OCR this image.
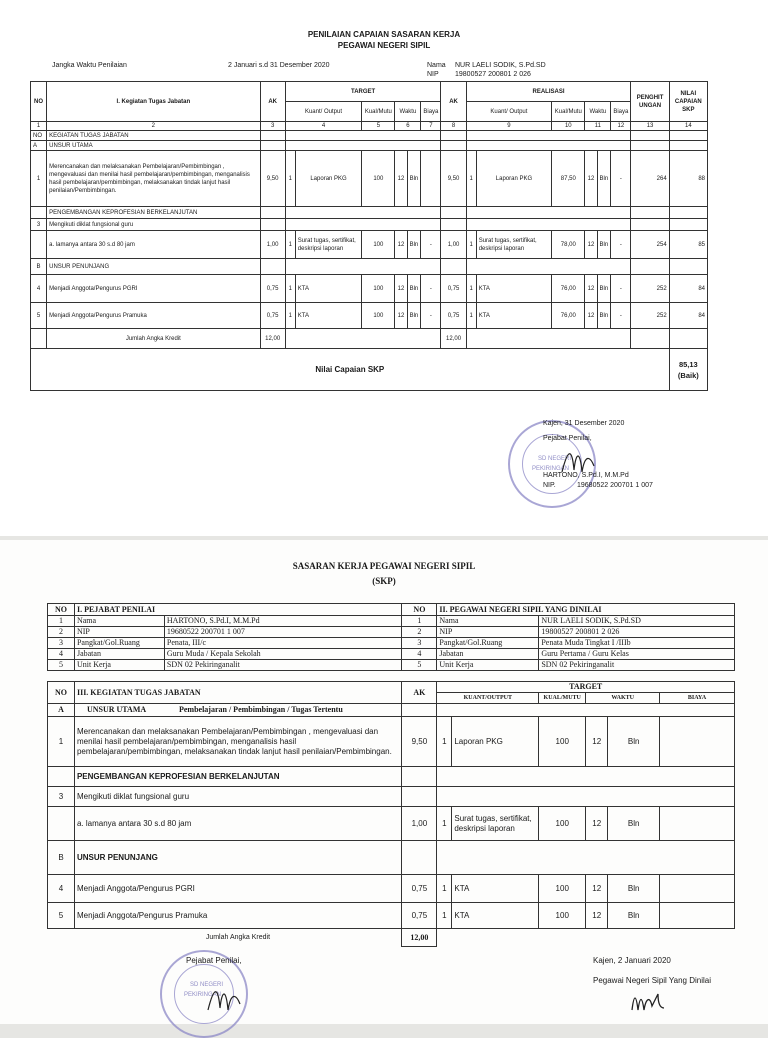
PENILAIAN CAPAIAN SASARAN KERJA
PEGAWAI NEGERI SIPIL
Jangka Waktu Penilaian	2 Januari s.d 31 Desember 2020	Nama NUR LAELI SODIK, S.Pd.SD
NIP 19800527 200801 2 026
NO	I. Kegiatan Tugas Jabatan	AK	TARGET						AK	REALISASI						PENGHIT UNGAN	NILAI CAPAIAN SKP
			Kuant/ Output		Kual/Mutu	Waktu		Biaya		Kuant/ Output		Kual/Mutu	Waktu		Biaya		
1	2	3	4		5	6		7	8	9		10	11		12	13	14
NO	KEGIATAN TUGAS JABATAN																
A	UNSUR UTAMA																
1	Merencanakan dan melaksanakan Pembelajaran/Pembimbingan , mengevaluasi dan menilai hasil pembelajaran/pembimbingan, menganalisis hasil pembelajaran/pembimbingan, melaksanakan tindak lanjut hasil penilaian/Pembimbingan.	9,50	1	Laporan PKG	100	12	Bln		9,50	1	Laporan PKG	87,50	12	Bln	-	264	88
	PENGEMBANGAN KEPROFESIAN BERKELANJUTAN																
3	Mengikuti diklat fungsional guru																
	a. lamanya antara 30 s.d 80 jam	1,00	1	Surat tugas, sertifikat, deskripsi laporan	100	12	Bln	-	1,00	1	Surat tugas, sertifikat, deskripsi laporan	78,00	12	Bln	-	254	85
B	UNSUR PENUNJANG																
4	Menjadi Anggota/Pengurus PGRI	0,75	1	KTA	100	12	Bln	-	0,75	1	KTA	76,00	12	Bln	-	252	84
5	Menjadi Anggota/Pengurus Pramuka	0,75	1	KTA	100	12	Bln	-	0,75	1	KTA	76,00	12	Bln	-	252	84
	Jumlah Angka Kredit	12,00							12,00								
Nilai Capaian SKP																	85,13
(Baik)
SD NEGERI
PEKIRINGAN
Kajen, 31 Desember 2020
Pejabat Penilai,
HARTONO, S.Pd.I, M.M.Pd
NIP.	19680522 200701 1 007
SASARAN KERJA PEGAWAI NEGERI SIPIL
(SKP)
NO	I. PEJABAT PENILAI		NO	II. PEGAWAI NEGERI SIPIL YANG DINILAI	
1	Nama	HARTONO, S.Pd.I, M.M.Pd	1	Nama	NUR LAELI SODIK, S.Pd.SD
2	NIP	19680522 200701 1 007	2	NIP	19800527 200801 2 026
3	Pangkat/Gol.Ruang	Penata, III/c	3	Pangkat/Gol.Ruang	Penata Muda Tingkat I /IIIb
4	Jabatan	Guru Muda / Kepala Sekolah	4	Jabatan	Guru Pertama / Guru Kelas
5	Unit Kerja	SDN 02 Pekiringanalit	5	Unit Kerja	SDN 02 Pekiringanalit
NO	III. KEGIATAN TUGAS JABATAN	AK	TARGET					
			KUANT/OUTPUT		KUAL/MUTU	WAKTU		BIAYA
A	UNSUR UTAMA Pembelajaran / Pembimbingan / Tugas Tertentu							
1	Merencanakan dan melaksanakan Pembelajaran/Pembimbingan , mengevaluasi dan menilai hasil pembelajaran/pembimbingan, menganalisis hasil pembelajaran/pembimbingan, melaksanakan tindak lanjut hasil penilaian/Pembimbingan.	9,50	1	Laporan PKG	100	12	Bln	
	PENGEMBANGAN KEPROFESIAN BERKELANJUTAN							
3	Mengikuti diklat fungsional guru							
	a. lamanya antara 30 s.d 80 jam	1,00	1	Surat tugas, sertifikat, deskripsi laporan	100	12	Bln	
B	UNSUR PENUNJANG							
4	Menjadi Anggota/Pengurus PGRI	0,75	1	KTA	100	12	Bln	
5	Menjadi Anggota/Pengurus Pramuka	0,75	1	KTA	100	12	Bln	
	Jumlah Angka Kredit	12,00						
SD NEGERI
PEKIRINGAN
Pejabat Penilai,	Kajen, 2 Januari 2020
Pegawai Negeri Sipil Yang Dinilai
